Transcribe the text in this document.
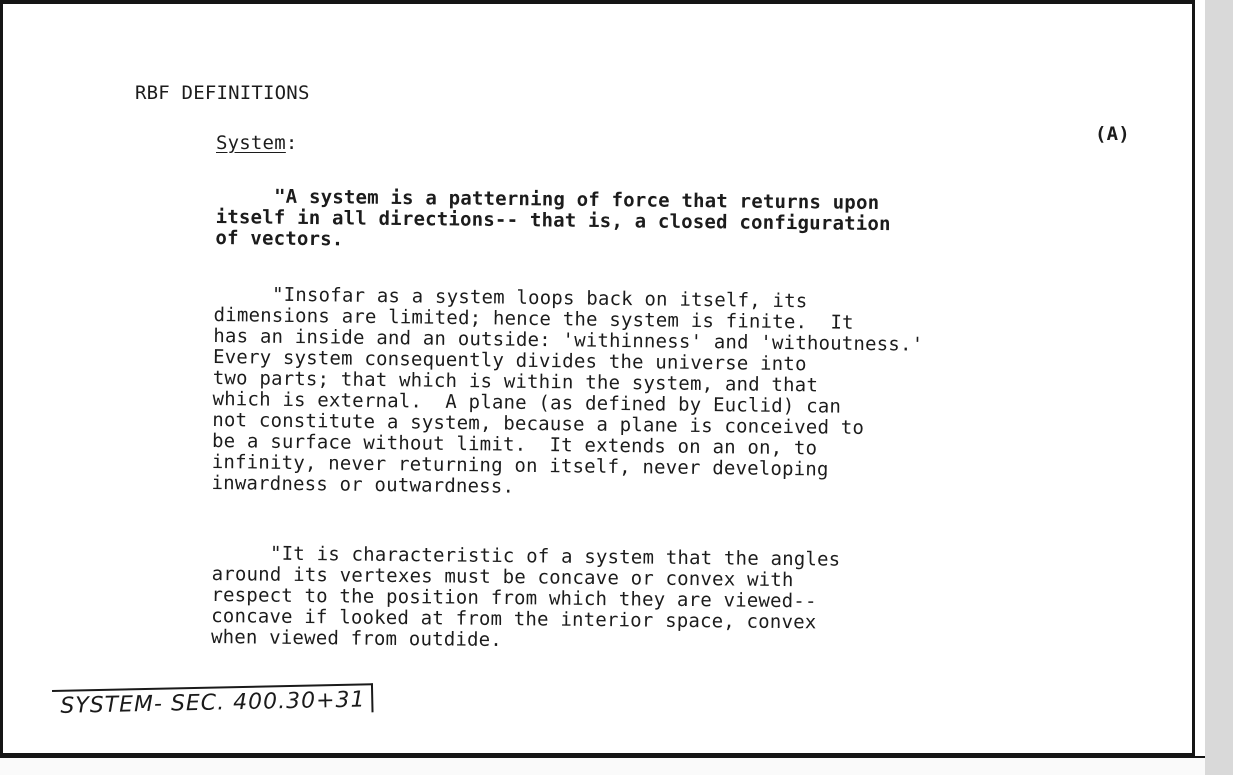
RBF DEFINITIONS
System:	(A)
"A system is a patterning of force that returns upon
itself in all directions-- that is, a closed configuration
of vectors.
"Insofar as a system loops back on itself, its
dimensions are limited; hence the system is finite.  It
has an inside and an outside: 'withinness' and 'withoutness.'
Every system consequently divides the universe into
two parts; that which is within the system, and that
which is external.  A plane (as defined by Euclid) can
not constitute a system, because a plane is conceived to
be a surface without limit.  It extends on an on, to
infinity, never returning on itself, never developing
inwardness or outwardness.
"It is characteristic of a system that the angles
around its vertexes must be concave or convex with
respect to the position from which they are viewed--
concave if looked at from the interior space, convex
when viewed from outdide.
SYSTEM- SEC. 400.30+31
